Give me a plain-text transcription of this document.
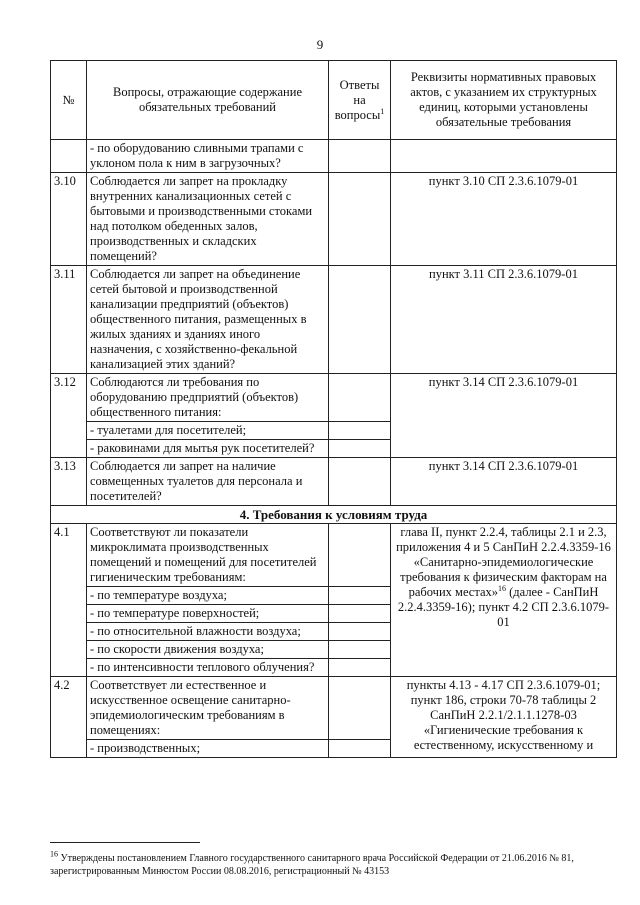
9
№	Вопросы, отражающие содержание обязательных требований	Ответы на вопросы$^1$	Реквизиты нормативных правовых актов, с указанием их структурных единиц, которыми установлены обязательные требования
	- по оборудованию сливными трапами с уклоном пола к ним в загрузочных?		
3.10	Соблюдается ли запрет на прокладку внутренних канализационных сетей с бытовыми и производственными стоками над потолком обеденных залов, производственных и складских помещений?		пункт 3.10 СП 2.3.6.1079-01
3.11	Соблюдается ли запрет на объединение сетей бытовой и производственной канализации предприятий (объектов) общественного питания, размещенных в жилых зданиях и зданиях иного назначения, с хозяйственно-фекальной канализацией этих зданий?		пункт 3.11 СП 2.3.6.1079-01
3.12	Соблюдаются ли требования по оборудованию предприятий (объектов) общественного питания:		пункт 3.14 СП 2.3.6.1079-01
	- туалетами для посетителей;		
	- раковинами для мытья рук посетителей?		
3.13	Соблюдается ли запрет на наличие совмещенных туалетов для персонала и посетителей?		пункт 3.14 СП 2.3.6.1079-01
4. Требования к условиям труда			
4.1	Соответствуют ли показатели микроклимата производственных помещений и помещений для посетителей гигиеническим требованиям:		глава II, пункт 2.2.4, таблицы 2.1 и 2.3, приложения 4 и 5 СанПиН 2.2.4.3359-16 «Санитарно-эпидемиологические требования к физическим факторам на рабочих местах»$^{16}$ (далее - СанПиН 2.2.4.3359-16); пункт 4.2 СП 2.3.6.1079-01
	- по температуре воздуха;		
	- по температуре поверхностей;		
	- по относительной влажности воздуха;		
	- по скорости движения воздуха;		
	- по интенсивности теплового облучения?		
4.2	Соответствует ли естественное и искусственное освещение санитарно-эпидемиологическим требованиям в помещениях:		пункты 4.13 - 4.17 СП 2.3.6.1079-01; пункт 186, строки 70-78 таблицы 2 СанПиН 2.2.1/2.1.1.1278-03 «Гигиенические требования к естественному, искусственному и
	- производственных;		
$^{16}$ Утверждены постановлением Главного государственного санитарного врача Российской Федерации от 21.06.2016 № 81, зарегистрированным Минюстом России 08.08.2016, регистрационный № 43153
